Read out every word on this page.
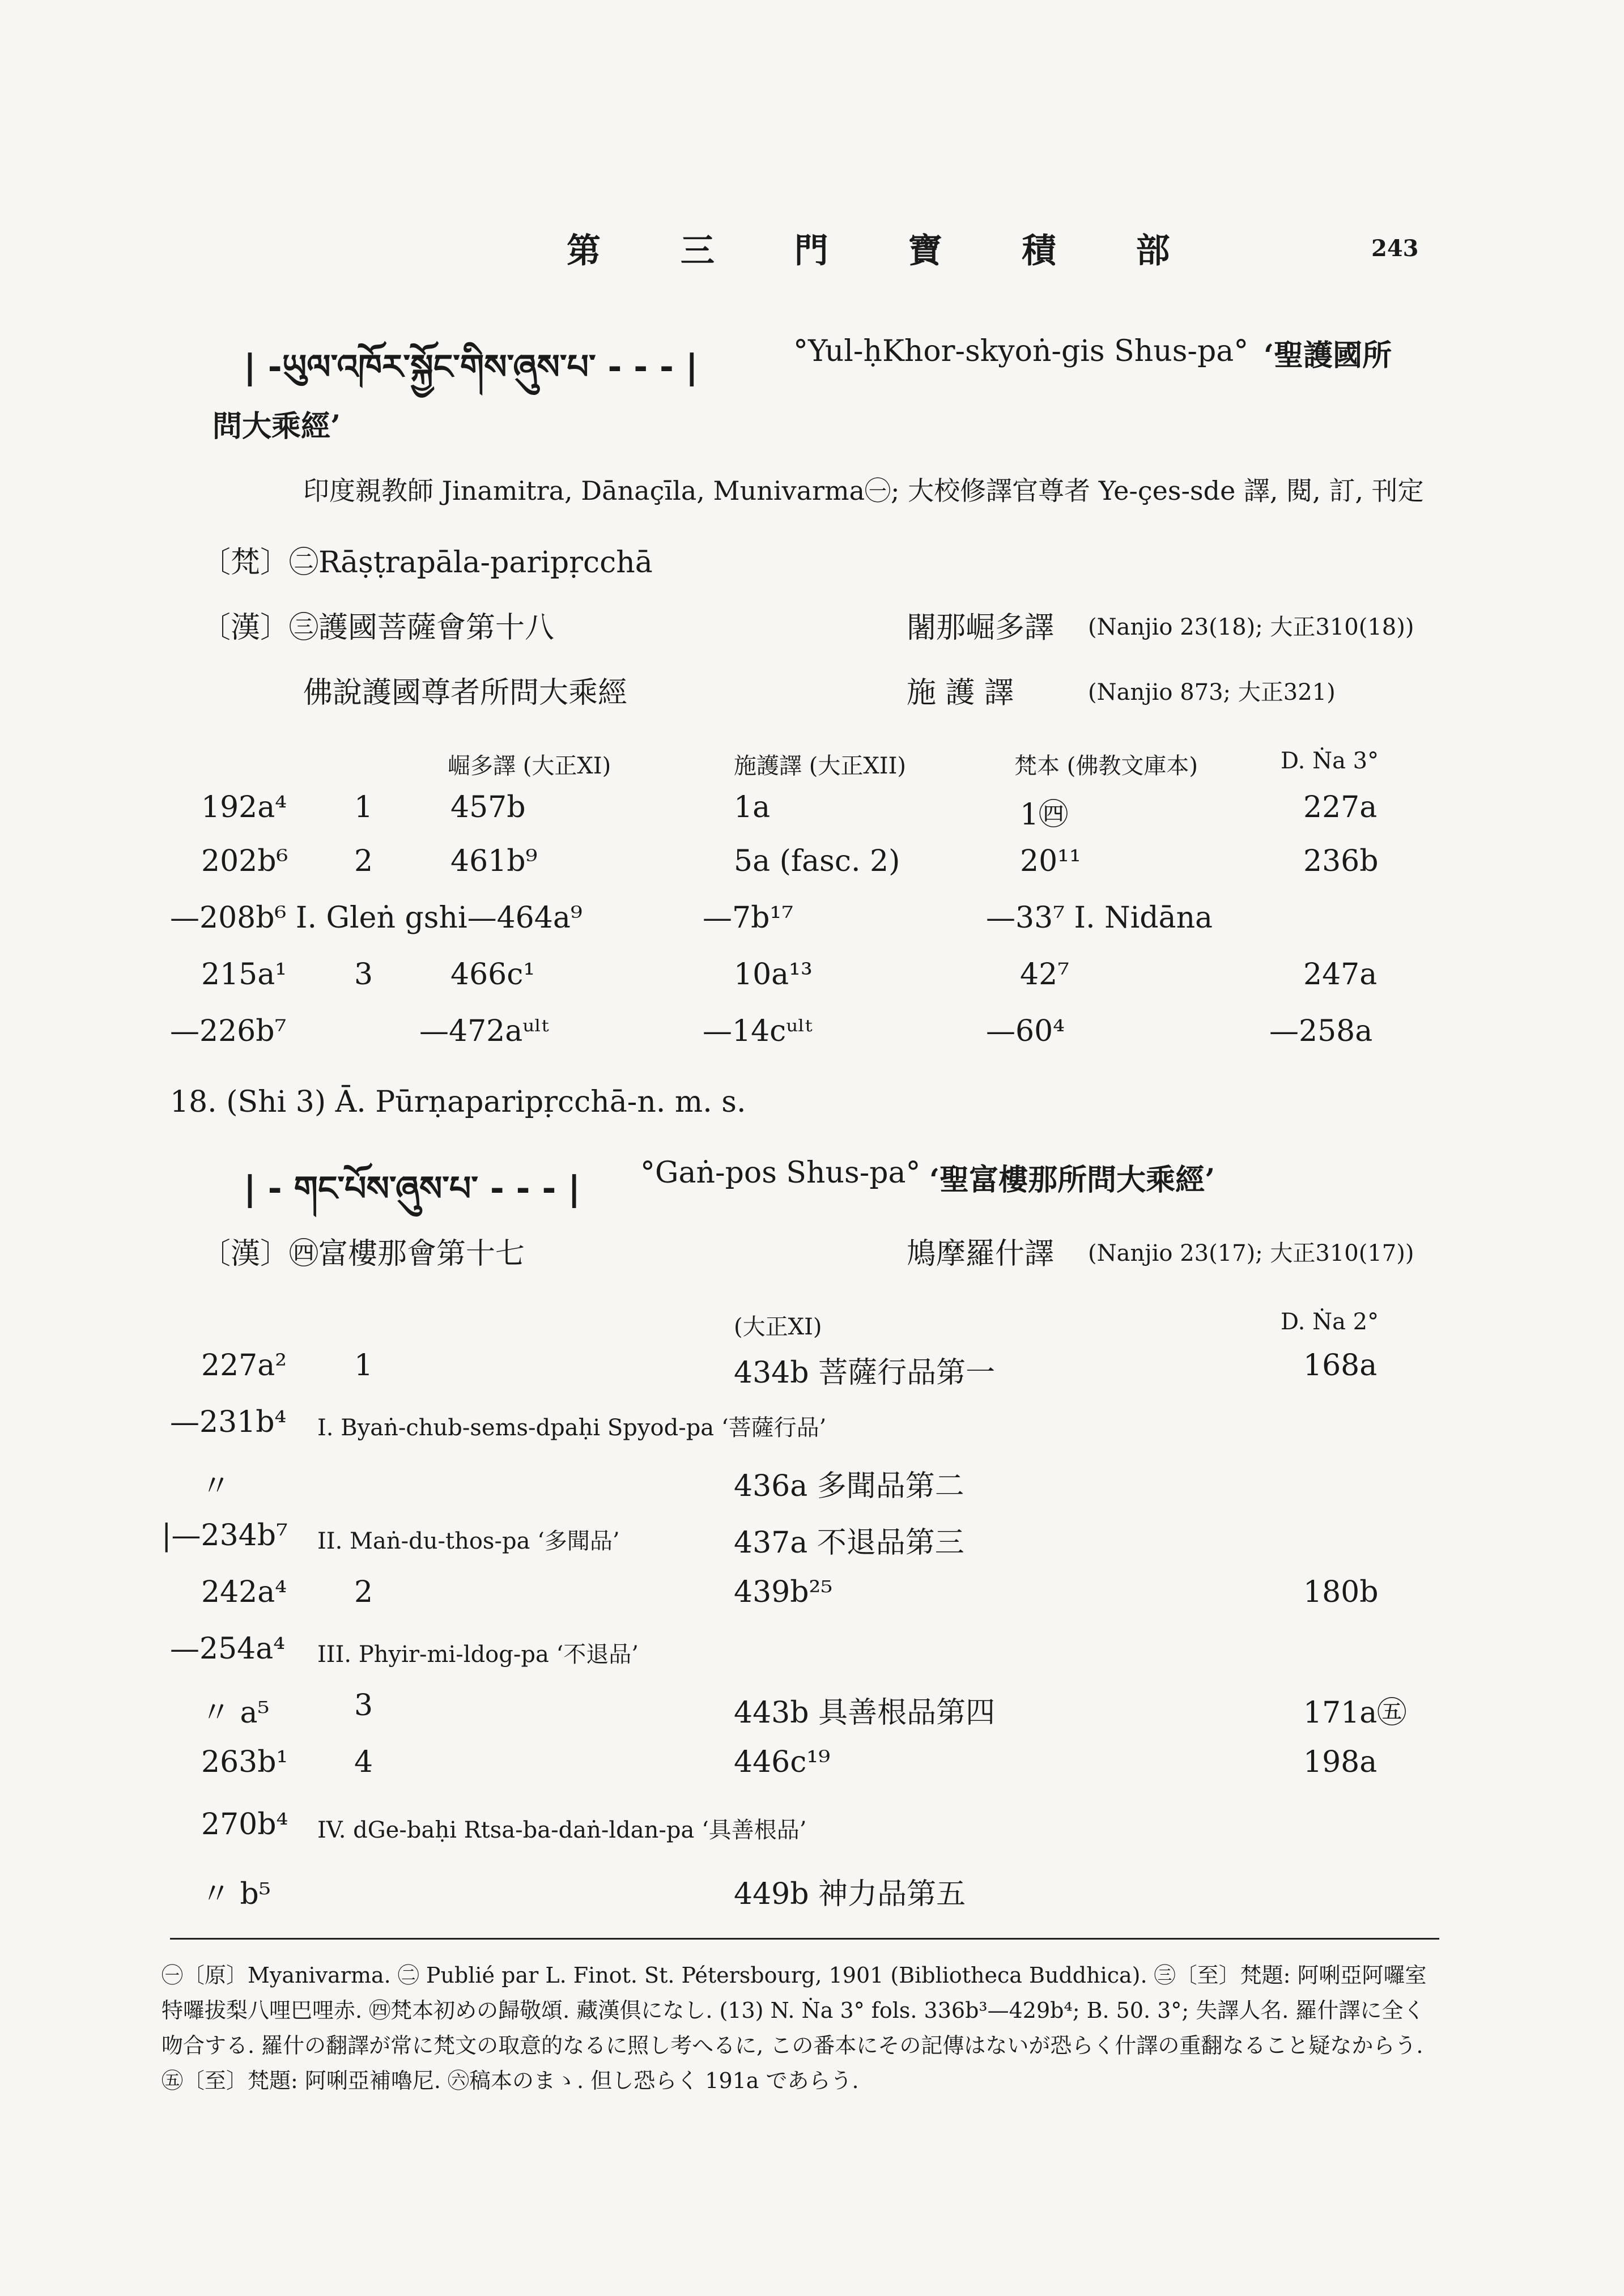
第 三 門 寶 積 部	243
| -ཡུལ་འཁོར་སྐྱོང་གིས་ཞུས་པ་ - - - |	°Yul-ḥKhor-skyoṅ-gis Shus-pa° ‘聖護國所
問大乘經’
印度親教師 Jinamitra, Dānaçīla, Munivarma㊀; 大校修譯官尊者 Ye-çes-sde 譯, 閱, 訂, 刊定
〔梵〕
㊁Rāṣṭrapāla-paripṛcchā
〔漢〕
㊂護國菩薩會第十八	闍那崛多譯 (Nanjio 23(18); 大正310(18))
佛說護國尊者所問大乘經	施 護 譯	(Nanjio 873; 大正321)
崛多譯 (大正XI)	施護譯 (大正XII)	梵本 (佛教文庫本)	D. Ṅa 3°
192a⁴ 1	457b	1a	1㊃	227a
202b⁶ 2	461b⁹	5a (fasc. 2)	20¹¹	236b
—208b⁶ I. Gleṅ gshi—464a⁹	—7b¹⁷	—33⁷ I. Nidāna
215a¹ 3	466c¹	10a¹³	42⁷	247a
—226b⁷	—472aᵘˡᵗ	—14cᵘˡᵗ	—60⁴	—258a
18. (Shi 3) Ā. Pūrṇaparipṛcchā-n. m. s.
| - གང་པོས་ཞུས་པ་ - - - | °Gaṅ-pos Shus-pa° ‘聖富樓那所問大乘經’
〔漢〕
㊃富樓那會第十七	鳩摩羅什譯 (Nanjio 23(17); 大正310(17))
(大正XI)	D. Ṅa 2°
227a² 1	434b 菩薩行品第一	168a
—231b⁴ I. Byaṅ-chub-sems-dpaḥi Spyod-pa ‘菩薩行品’
〃	436a 多聞品第二
|—234b⁷ II. Maṅ-du-thos-pa ‘多聞品’	437a 不退品第三
242a⁴ 2	439b²⁵	180b
—254a⁴ III. Phyir-mi-ldog-pa ‘不退品’
〃 a⁵	3	443b 具善根品第四	171a㊄
263b¹ 4	446c¹⁹	198a
270b⁴ IV. dGe-baḥi Rtsa-ba-daṅ-ldan-pa ‘具善根品’
〃 b⁵	449b 神力品第五
㊀〔原〕Myanivarma. ㊁ Publié par L. Finot. St. Pétersbourg, 1901 (Bibliotheca Buddhica). ㊂〔至〕梵題: 阿唎亞阿囉室特囉拔梨八哩巴哩赤. ㊃梵本初めの歸敬頌. 藏漢倶になし. (13) N. Ṅa 3° fols. 336b³—429b⁴; B. 50. 3°; 失譯人名. 羅什譯に全く吻合する. 羅什の翻譯が常に梵文の取意的なるに照し考へるに, この番本にその記傳はないが恐らく什譯の重翻なること疑なからう. ㊄〔至〕梵題: 阿唎亞補嚕尼. ㊅稿本のまゝ. 但し恐らく 191a であらう.
